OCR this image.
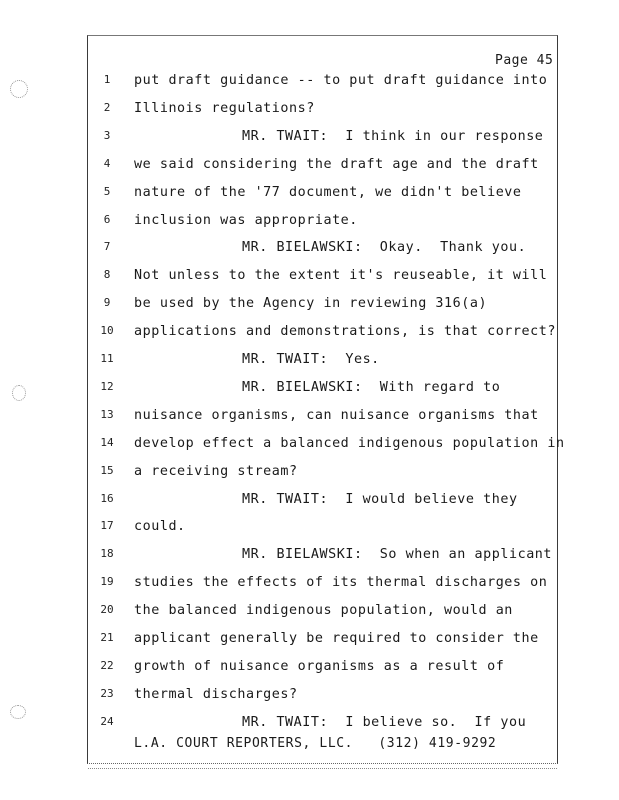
Page 45
1	put draft guidance -- to put draft guidance into
2	Illinois regulations?
3	MR. TWAIT:  I think in our response
4	we said considering the draft age and the draft
5	nature of the '77 document, we didn't believe
6	inclusion was appropriate.
7	MR. BIELAWSKI:  Okay.  Thank you.
8	Not unless to the extent it's reuseable, it will
9	be used by the Agency in reviewing 316(a)
10	applications and demonstrations, is that correct?
11	MR. TWAIT:  Yes.
12	MR. BIELAWSKI:  With regard to
13	nuisance organisms, can nuisance organisms that
14	develop effect a balanced indigenous population in
15	a receiving stream?
16	MR. TWAIT:  I would believe they
17	could.
18	MR. BIELAWSKI:  So when an applicant
19	studies the effects of its thermal discharges on
20	the balanced indigenous population, would an
21	applicant generally be required to consider the
22	growth of nuisance organisms as a result of
23	thermal discharges?
24	MR. TWAIT:  I believe so.  If you
L.A. COURT REPORTERS, LLC.   (312) 419-9292
